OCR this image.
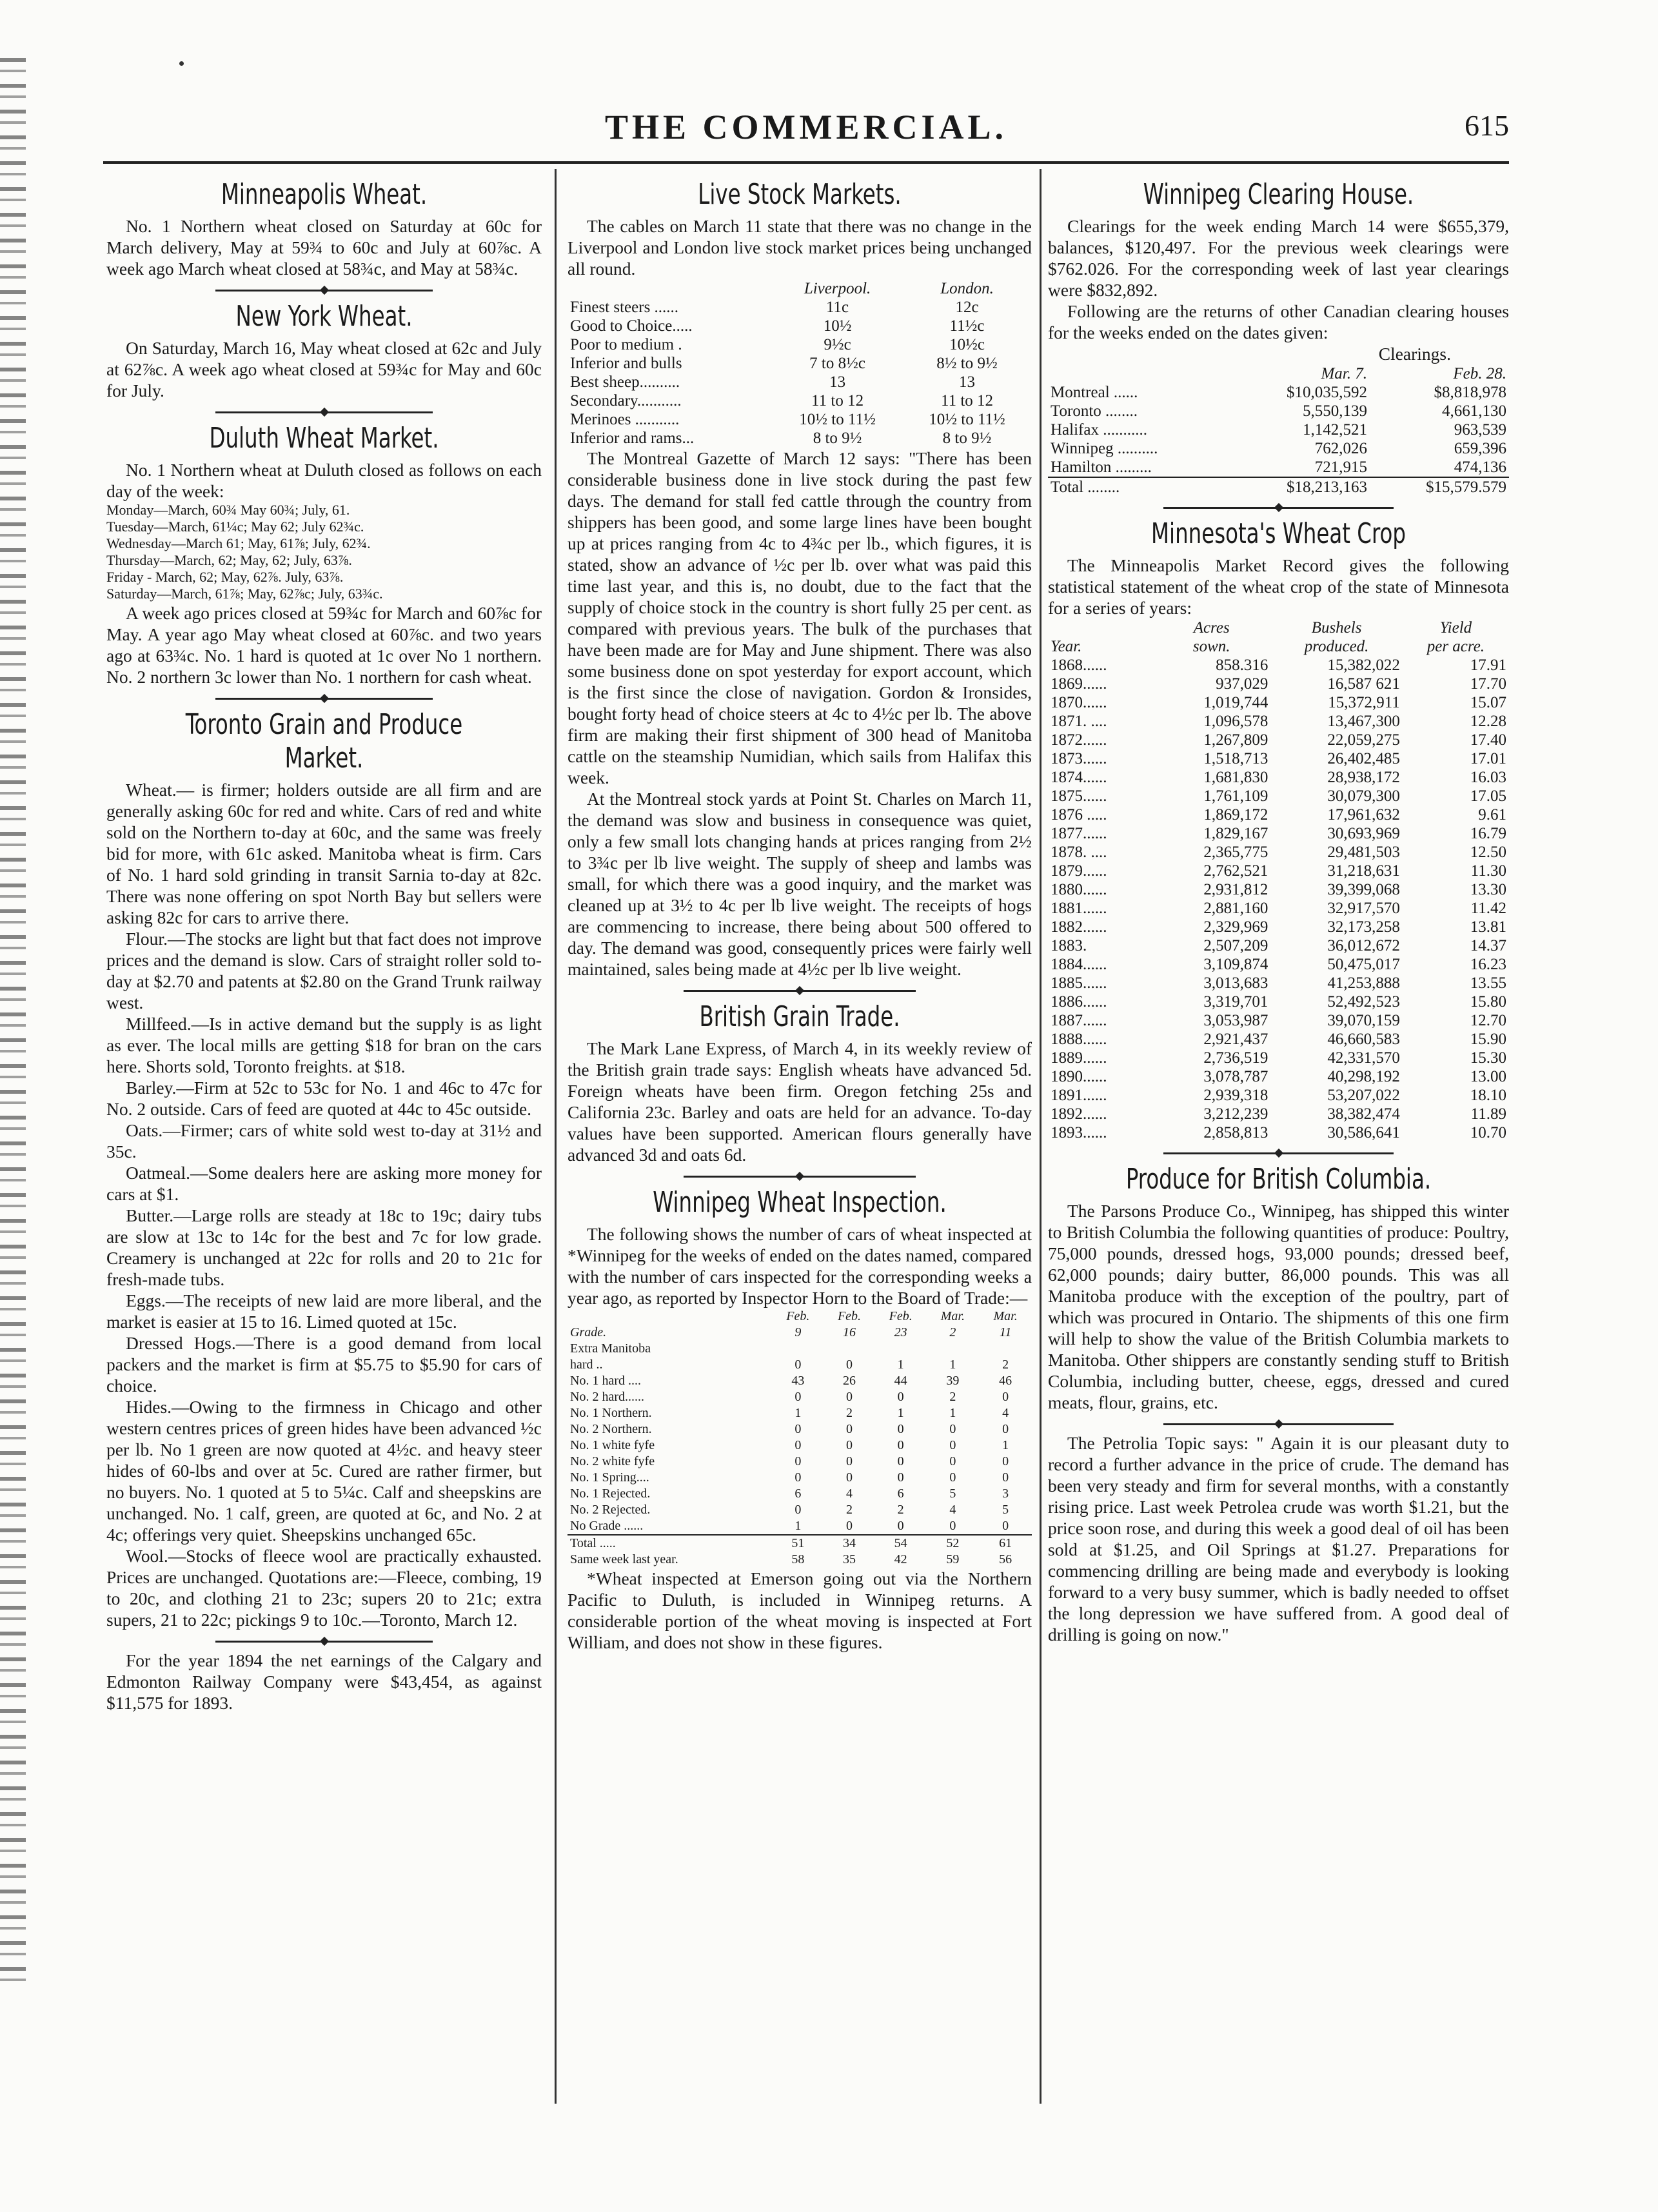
THE COMMERCIAL.	615
Minneapolis Wheat.

No. 1 Northern wheat closed on Saturday at 60c for March delivery, May at 59¾ to 60c and July at 60⅞c. A week ago March wheat closed at 58¾c, and May at 58¾c.

New York Wheat.

On Saturday, March 16, May wheat closed at 62c and July at 62⅞c. A week ago wheat closed at 59¾c for May and 60c for July.

Duluth Wheat Market.

No. 1 Northern wheat at Duluth closed as follows on each day of the week:

Monday—March, 60¾ May 60¾; July, 61.

Tuesday—March, 61¼c; May 62; July 62¾c.

Wednesday—March 61; May, 61⅞; July, 62¾.

Thursday—March, 62; May, 62; July, 63⅞.

Friday - March, 62; May, 62⅞. July, 63⅞.

Saturday—March, 61⅞; May, 62⅞c; July, 63¾c.

A week ago prices closed at 59¾c for March and 60⅞c for May. A year ago May wheat closed at 60⅞c. and two years ago at 63¾c. No. 1 hard is quoted at 1c over No 1 northern. No. 2 northern 3c lower than No. 1 northern for cash wheat.

Toronto Grain and Produce Market.

Wheat.— is firmer; holders outside are all firm and are generally asking 60c for red and white. Cars of red and white sold on the Northern to-day at 60c, and the same was freely bid for more, with 61c asked. Manitoba wheat is firm. Cars of No. 1 hard sold grinding in transit Sarnia to-day at 82c. There was none offering on spot North Bay but sellers were asking 82c for cars to arrive there.

Flour.—The stocks are light but that fact does not improve prices and the demand is slow. Cars of straight roller sold to-day at $2.70 and patents at $2.80 on the Grand Trunk railway west.

Millfeed.—Is in active demand but the supply is as light as ever. The local mills are getting $18 for bran on the cars here. Shorts sold, Toronto freights. at $18.

Barley.—Firm at 52c to 53c for No. 1 and 46c to 47c for No. 2 outside. Cars of feed are quoted at 44c to 45c outside.

Oats.—Firmer; cars of white sold west to-day at 31½ and 35c.

Oatmeal.—Some dealers here are asking more money for cars at $1.

Butter.—Large rolls are steady at 18c to 19c; dairy tubs are slow at 13c to 14c for the best and 7c for low grade. Creamery is unchanged at 22c for rolls and 20 to 21c for fresh-made tubs.

Eggs.—The receipts of new laid are more liberal, and the market is easier at 15 to 16. Limed quoted at 15c.

Dressed Hogs.—There is a good demand from local packers and the market is firm at $5.75 to $5.90 for cars of choice.

Hides.—Owing to the firmness in Chicago and other western centres prices of green hides have been advanced ½c per lb. No 1 green are now quoted at 4½c. and heavy steer hides of 60-lbs and over at 5c. Cured are rather firmer, but no buyers. No. 1 quoted at 5 to 5¼c. Calf and sheepskins are unchanged. No. 1 calf, green, are quoted at 6c, and No. 2 at 4c; offerings very quiet. Sheepskins unchanged 65c.

Wool.—Stocks of fleece wool are practically exhausted. Prices are unchanged. Quotations are:—Fleece, combing, 19 to 20c, and clothing 21 to 23c; supers 20 to 21c; extra supers, 21 to 22c; pickings 9 to 10c.—Toronto, March 12.

For the year 1894 the net earnings of the Calgary and Edmonton Railway Company were $43,454, as against $11,575 for 1893.

Live Stock Markets.

The cables on March 11 state that there was no change in the Liverpool and London live stock market prices being unchanged all round.

	Liverpool.	London.
Finest steers ......	11c	12c
Good to Choice.....	10½	11½c
Poor to medium .	9½c	10½c
Inferior and bulls	7 to 8½c	8½ to 9½
Best sheep..........	13	13
Secondary...........	11 to 12	11 to 12
Merinoes ...........	10½ to 11½	10½ to 11½
Inferior and rams...	8 to 9½	8 to 9½

The Montreal Gazette of March 12 says: "There has been considerable business done in live stock during the past few days. The demand for stall fed cattle through the country from shippers has been good, and some large lines have been bought up at prices ranging from 4c to 4¾c per lb., which figures, it is stated, show an advance of ½c per lb. over what was paid this time last year, and this is, no doubt, due to the fact that the supply of choice stock in the country is short fully 25 per cent. as compared with previous years. The bulk of the purchases that have been made are for May and June shipment. There was also some business done on spot yesterday for export account, which is the first since the close of navigation. Gordon & Ironsides, bought forty head of choice steers at 4c to 4½c per lb. The above firm are making their first shipment of 300 head of Manitoba cattle on the steamship Numidian, which sails from Halifax this week.

At the Montreal stock yards at Point St. Charles on March 11, the demand was slow and business in consequence was quiet, only a few small lots changing hands at prices ranging from 2½ to 3¾c per lb live weight. The supply of sheep and lambs was small, for which there was a good inquiry, and the market was cleaned up at 3½ to 4c per lb live weight. The receipts of hogs are commencing to increase, there being about 500 offered to day. The demand was good, consequently prices were fairly well maintained, sales being made at 4½c per lb live weight.

British Grain Trade.

The Mark Lane Express, of March 4, in its weekly review of the British grain trade says: English wheats have advanced 5d. Foreign wheats have been firm. Oregon fetching 25s and California 23c. Barley and oats are held for an advance. To-day values have been supported. American flours generally have advanced 3d and oats 6d.

Winnipeg Wheat Inspection.

The following shows the number of cars of wheat inspected at *Winnipeg for the weeks of ended on the dates named, compared with the number of cars inspected for the corresponding weeks a year ago, as reported by Inspector Horn to the Board of Trade:—

	Feb.	Feb.	Feb.	Mar.	Mar.
Grade.	9	16	23	2	11
Extra Manitoba					
hard ..	0	0	1	1	2
No. 1 hard ....	43	26	44	39	46
No. 2 hard......	0	0	0	2	0
No. 1 Northern.	1	2	1	1	4
No. 2 Northern.	0	0	0	0	0
No. 1 white fyfe	0	0	0	0	1
No. 2 white fyfe	0	0	0	0	0
No. 1 Spring....	0	0	0	0	0
No. 1 Rejected.	6	4	6	5	3
No. 2 Rejected.	0	2	2	4	5
No Grade ......	1	0	0	0	0
Total .....	51	34	54	52	61
Same week last year.	58	35	42	59	56

*Wheat inspected at Emerson going out via the Northern Pacific to Duluth, is included in Winnipeg returns. A considerable portion of the wheat moving is inspected at Fort William, and does not show in these figures.

Winnipeg Clearing House.

Clearings for the week ending March 14 were $655,379, balances, $120,497. For the previous week clearings were $762.026. For the corresponding week of last year clearings were $832,892.

Following are the returns of other Canadian clearing houses for the weeks ended on the dates given:

Clearings.
	Mar. 7.	Feb. 28.
Montreal ......	$10,035,592	$8,818,978
Toronto ........	5,550,139	4,661,130
Halifax ...........	1,142,521	963,539
Winnipeg ..........	762,026	659,396
Hamilton .........	721,915	474,136
Total ........	$18,213,163	$15,579.579
Minnesota's Wheat Crop

The Minneapolis Market Record gives the following statistical statement of the wheat crop of the state of Minnesota for a series of years:

	Acres	Bushels	Yield
Year.	sown.	produced.	per acre.
1868......	858.316	15,382,022	17.91
1869......	937,029	16,587 621	17.70
1870......	1,019,744	15,372,911	15.07
1871. ....	1,096,578	13,467,300	12.28
1872......	1,267,809	22,059,275	17.40
1873......	1,518,713	26,402,485	17.01
1874......	1,681,830	28,938,172	16.03
1875......	1,761,109	30,079,300	17.05
1876 .....	1,869,172	17,961,632	9.61
1877......	1,829,167	30,693,969	16.79
1878. ....	2,365,775	29,481,503	12.50
1879......	2,762,521	31,218,631	11.30
1880......	2,931,812	39,399,068	13.30
1881......	2,881,160	32,917,570	11.42
1882......	2,329,969	32,173,258	13.81
1883.	2,507,209	36,012,672	14.37
1884......	3,109,874	50,475,017	16.23
1885......	3,013,683	41,253,888	13.55
1886......	3,319,701	52,492,523	15.80
1887......	3,053,987	39,070,159	12.70
1888......	2,921,437	46,660,583	15.90
1889......	2,736,519	42,331,570	15.30
1890......	3,078,787	40,298,192	13.00
1891......	2,939,318	53,207,022	18.10
1892......	3,212,239	38,382,474	11.89
1893......	2,858,813	30,586,641	10.70
Produce for British Columbia.

The Parsons Produce Co., Winnipeg, has shipped this winter to British Columbia the following quantities of produce: Poultry, 75,000 pounds, dressed hogs, 93,000 pounds; dressed beef, 62,000 pounds; dairy butter, 86,000 pounds. This was all Manitoba produce with the exception of the poultry, part of which was procured in Ontario. The shipments of this one firm will help to show the value of the British Columbia markets to Manitoba. Other shippers are constantly sending stuff to British Columbia, including butter, cheese, eggs, dressed and cured meats, flour, grains, etc.

The Petrolia Topic says: " Again it is our pleasant duty to record a further advance in the price of crude. The demand has been very steady and firm for several months, with a constantly rising price. Last week Petrolea crude was worth $1.21, but the price soon rose, and during this week a good deal of oil has been sold at $1.25, and Oil Springs at $1.27. Preparations for commencing drilling are being made and everybody is looking forward to a very busy summer, which is badly needed to offset the long depression we have suffered from. A good deal of drilling is going on now."
